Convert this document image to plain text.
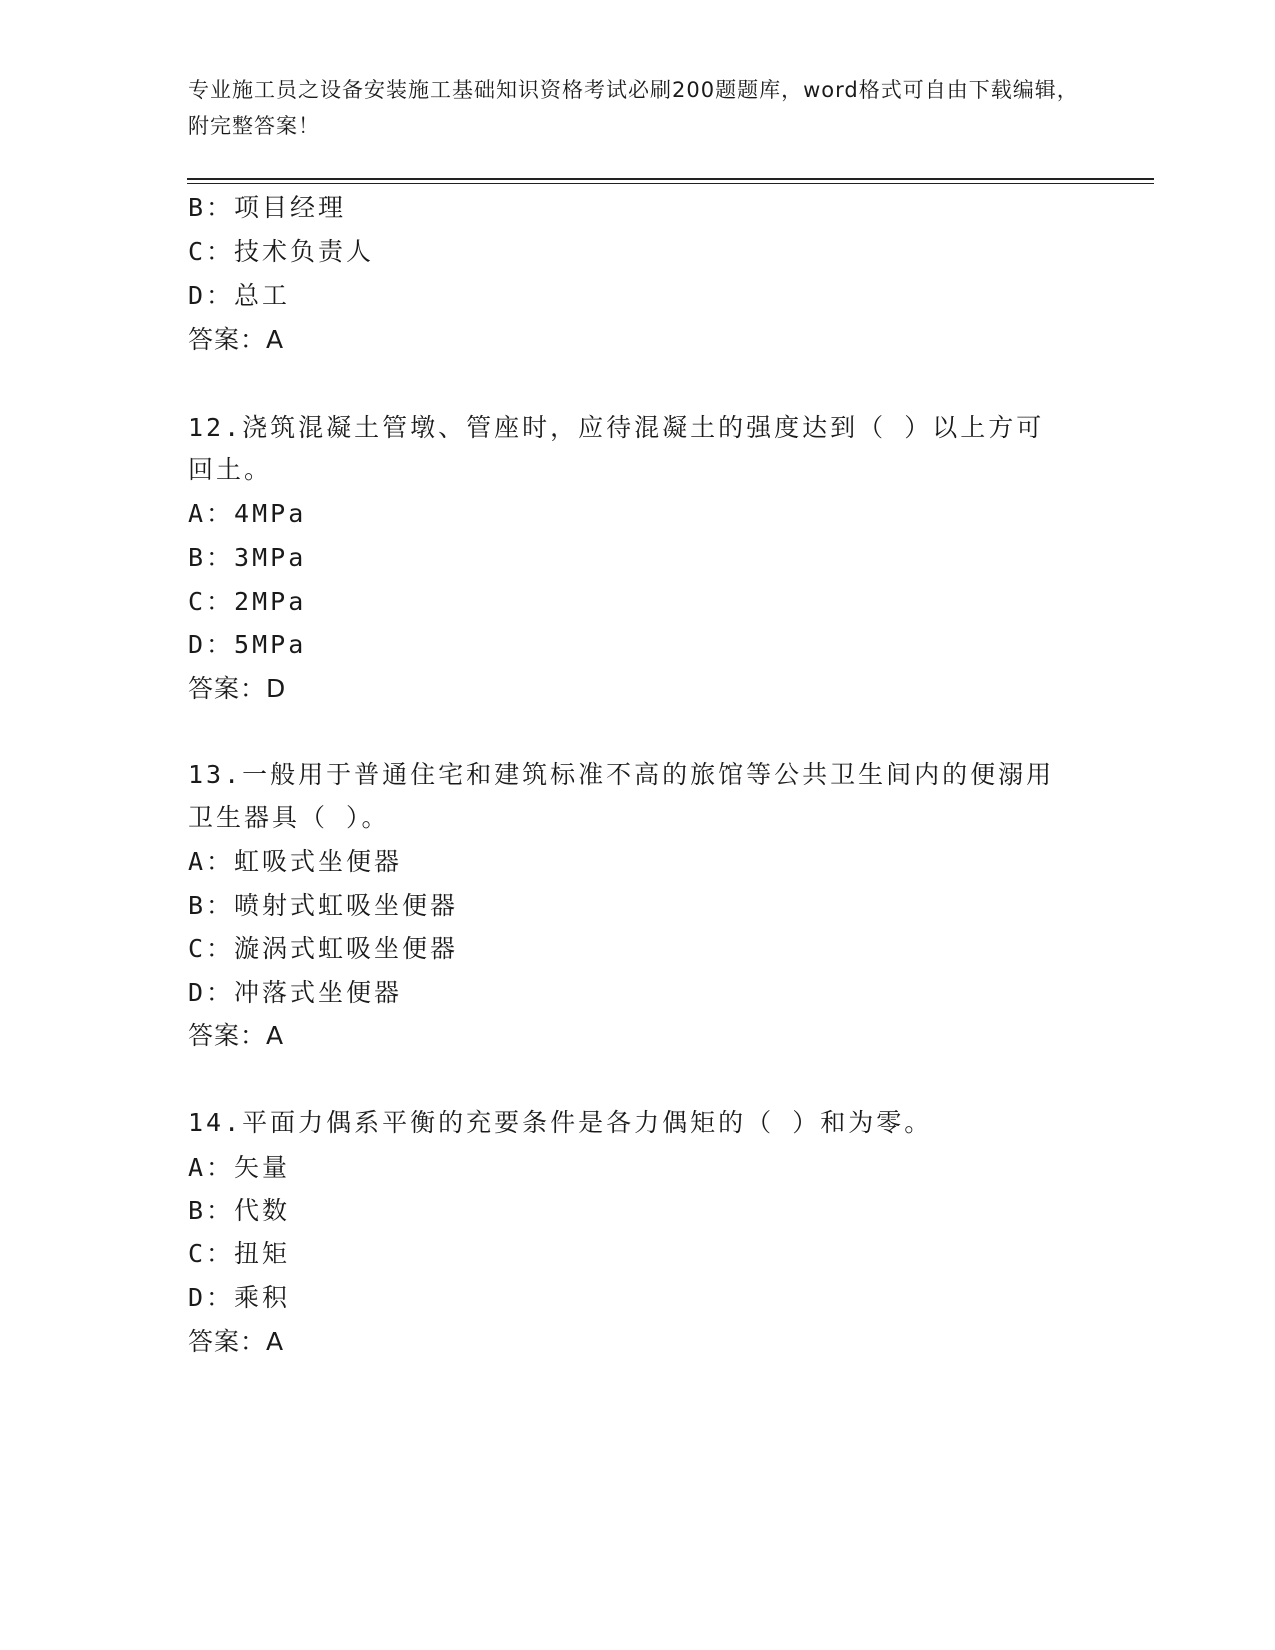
专业施工员之设备安装施工基础知识资格考试必刷200题题库，word格式可自由下载编辑，附完整答案！
B：项目经理
C：技术负责人
D：总工
答案：A
12.浇筑混凝土管墩、管座时，应待混凝土的强度达到（ ）以上方可
回土。
A：4MPa
B：3MPa
C：2MPa
D：5MPa
答案：D
13.一般用于普通住宅和建筑标准不高的旅馆等公共卫生间内的便溺用
卫生器具（ ）。
A：虹吸式坐便器
B：喷射式虹吸坐便器
C：漩涡式虹吸坐便器
D：冲落式坐便器
答案：A
14.平面力偶系平衡的充要条件是各力偶矩的（ ）和为零。
A：矢量
B：代数
C：扭矩
D：乘积
答案：A
